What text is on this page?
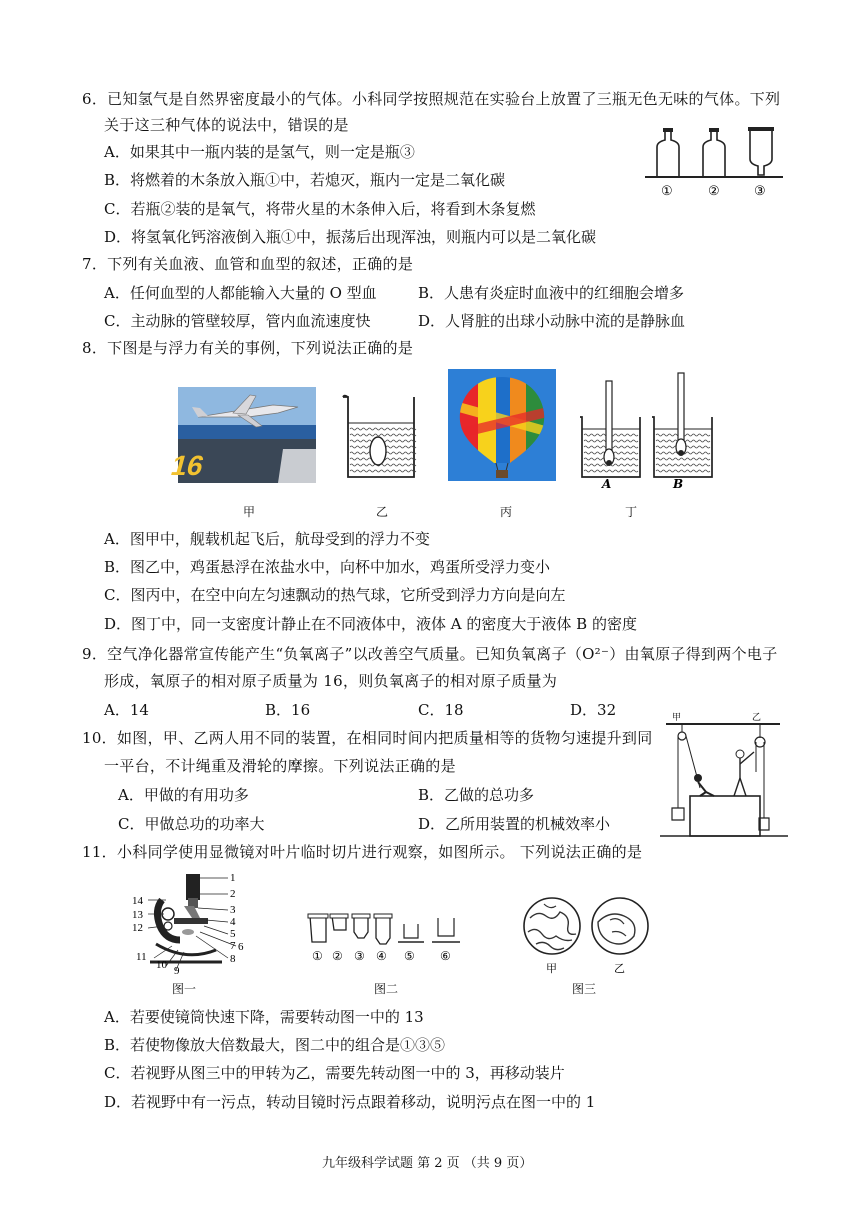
6．已知氢气是自然界密度最小的气体。小科同学按照规范在实验台上放置了三瓶无色无味的气体。下列
关于这三种气体的说法中，错误的是
A．如果其中一瓶内装的是氢气，则一定是瓶③
B．将燃着的木条放入瓶①中，若熄灭，瓶内一定是二氧化碳
C．若瓶②装的是氧气，将带火星的木条伸入后，将看到木条复燃
D．将氢氧化钙溶液倒入瓶①中，振荡后出现浑浊，则瓶内可以是二氧化碳
①	②	③
7．下列有关血液、血管和血型的叙述，正确的是
A．任何血型的人都能输入大量的 O 型血	B．人患有炎症时血液中的红细胞会增多
C．主动脉的管壁较厚，管内血流速度快	D．人肾脏的出球小动脉中流的是静脉血
8．下图是与浮力有关的事例，下列说法正确的是
16
A	B
甲	乙	丙	丁
A．图甲中，舰载机起飞后，航母受到的浮力不变
B．图乙中，鸡蛋悬浮在浓盐水中，向杯中加水，鸡蛋所受浮力变小
C．图丙中，在空中向左匀速飘动的热气球，它所受到浮力方向是向左
D．图丁中，同一支密度计静止在不同液体中，液体 A 的密度大于液体 B 的密度
9．空气净化器常宣传能产生“负氧离子”以改善空气质量。已知负氧离子（O²⁻）由氧原子得到两个电子
形成，氧原子的相对原子质量为 16，则负氧离子的相对原子质量为
A．14	B．16	C．18	D．32
10．如图，甲、乙两人用不同的装置，在相同时间内把质量相等的货物匀速提升到同
一平台，不计绳重及滑轮的摩擦。下列说法正确的是
A．甲做的有用功多	B．乙做的总功多
C．甲做总功的功率大	D．乙所用装置的机械效率小
甲	乙
11．小科同学使用显微镜对叶片临时切片进行观察，如图所示。 下列说法正确的是
1
2
3
4
5
6
7
8
9
10
11
12
13
14
图一
① ② ③ ④ ⑤ ⑥
图二
甲	乙
图三
A．若要使镜筒快速下降，需要转动图一中的 13
B．若使物像放大倍数最大，图二中的组合是①③⑤
C．若视野从图三中的甲转为乙，需要先转动图一中的 3，再移动装片
D．若视野中有一污点，转动目镜时污点跟着移动，说明污点在图一中的 1
九年级科学试题 第 2 页 （共 9 页）
